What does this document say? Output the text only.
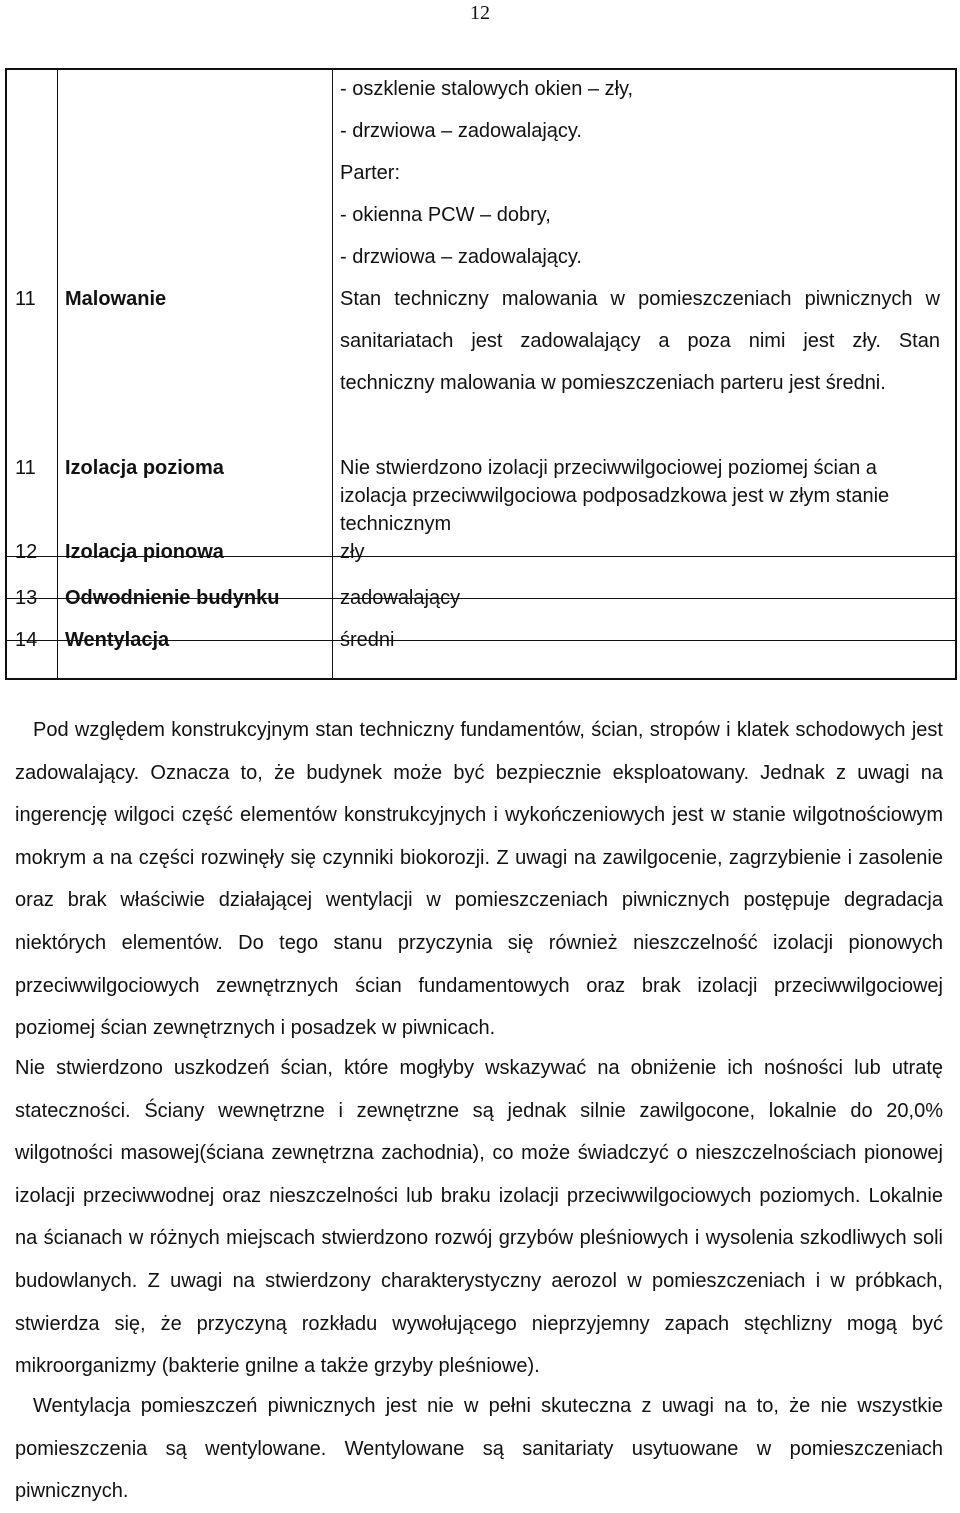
12
- oszklenie stalowych okien – zły,
- drzwiowa – zadowalający.
Parter:
- okienna PCW – dobry,
- drzwiowa – zadowalający.
11 Malowanie	Stan techniczny malowania w pomieszczeniach piwnicznych w
sanitariatach jest zadowalający a poza nimi jest zły. Stan
techniczny malowania w pomieszczeniach parteru jest średni.
11 Izolacja pozioma	Nie stwierdzono izolacji przeciwwilgociowej poziomej ścian a
izolacja przeciwwilgociowa podposadzkowa jest w złym stanie
technicznym
12 Izolacja pionowa	zły
13 Odwodnienie budynku	zadowalający
14 Wentylacja	średni
Pod względem konstrukcyjnym stan techniczny fundamentów, ścian, stropów i klatek schodowych jest
zadowalający. Oznacza to, że budynek może być bezpiecznie eksploatowany. Jednak z uwagi na
ingerencję wilgoci część elementów konstrukcyjnych i wykończeniowych jest w stanie wilgotnościowym
mokrym a na części rozwinęły się czynniki biokorozji. Z uwagi na zawilgocenie, zagrzybienie i zasolenie
oraz brak właściwie działającej wentylacji w pomieszczeniach piwnicznych postępuje degradacja
niektórych elementów. Do tego stanu przyczynia się również nieszczelność izolacji pionowych
przeciwwilgociowych zewnętrznych ścian fundamentowych oraz brak izolacji przeciwwilgociowej
poziomej ścian zewnętrznych i posadzek w piwnicach.
Nie stwierdzono uszkodzeń ścian, które mogłyby wskazywać na obniżenie ich nośności lub utratę
stateczności. Ściany wewnętrzne i zewnętrzne są jednak silnie zawilgocone, lokalnie do 20,0%
wilgotności masowej(ściana zewnętrzna zachodnia), co może świadczyć o nieszczelnościach pionowej
izolacji przeciwwodnej oraz nieszczelności lub braku izolacji przeciwwilgociowych poziomych. Lokalnie
na ścianach w różnych miejscach stwierdzono rozwój grzybów pleśniowych i wysolenia szkodliwych soli
budowlanych. Z uwagi na stwierdzony charakterystyczny aerozol w pomieszczeniach i w próbkach,
stwierdza się, że przyczyną rozkładu wywołującego nieprzyjemny zapach stęchlizny mogą być
mikroorganizmy (bakterie gnilne a także grzyby pleśniowe).
Wentylacja pomieszczeń piwnicznych jest nie w pełni skuteczna z uwagi na to, że nie wszystkie
pomieszczenia są wentylowane. Wentylowane są sanitariaty usytuowane w pomieszczeniach
piwnicznych.
